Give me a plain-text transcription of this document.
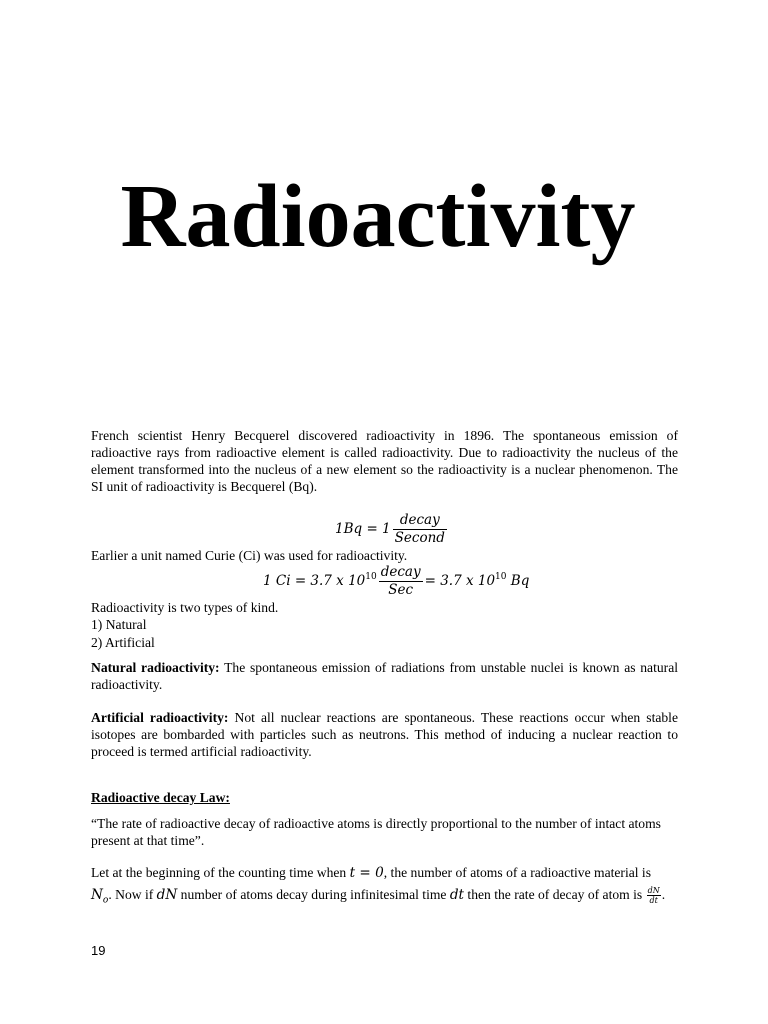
Radioactivity
French scientist Henry Becquerel discovered radioactivity in 1896. The spontaneous emission of radioactive rays from radioactive element is called radioactivity. Due to radioactivity the nucleus of the element transformed into the nucleus of a new element so the radioactivity is a nuclear phenomenon. The SI unit of radioactivity is Becquerel (Bq).
$1Bq = 1 \frac{\text{decay}}{\text{Second}}$
Earlier a unit named Curie (Ci) was used for radioactivity.
1 Ci = 3.7 x $10^{10} \frac{\text{decay}}{\text{Sec}} = 3.7$ x $10^{10}$ Bq
Radioactivity is two types of kind.
1) Natural
2) Artificial
Natural radioactivity: The spontaneous emission of radiations from unstable nuclei is known as natural radioactivity.
Artificial radioactivity: Not all nuclear reactions are spontaneous. These reactions occur when stable isotopes are bombarded with particles such as neutrons. This method of inducing a nuclear reaction to proceed is termed artificial radioactivity.
Radioactive decay Law:
“The rate of radioactive decay of radioactive atoms is directly proportional to the number of intact atoms present at that time”.
Let at the beginning of the counting time when t = 0, the number of atoms of a radioactive material is
$N_o$. Now if dN number of atoms decay during infinitesimal time dt then the rate of decay of atom is $\frac{dN}{dt}$ .
19
